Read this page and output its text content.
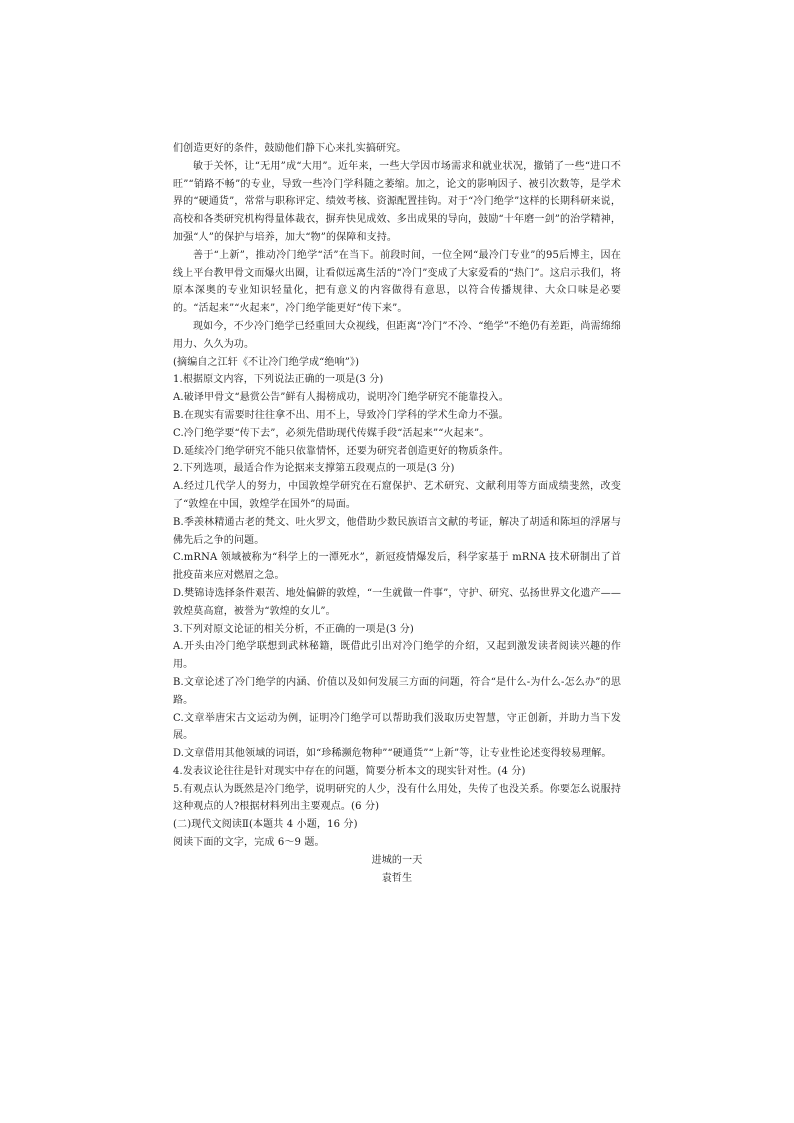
们创造更好的条件，鼓励他们静下心来扎实搞研究。

敏于关怀，让“无用”成“大用”。近年来，一些大学因市场需求和就业状况，撤销了一些“进口不旺”“销路不畅”的专业，导致一些冷门学科随之萎缩。加之，论文的影响因子、被引次数等，是学术界的“硬通货”，常常与职称评定、绩效考核、资源配置挂钩。对于“冷门绝学”这样的长期科研来说，高校和各类研究机构得量体裁衣，摒弃快见成效、多出成果的导向，鼓励“十年磨一剑”的治学精神，加强“人”的保护与培养，加大“物”的保障和支持。

善于“上新”，推动冷门绝学“活”在当下。前段时间，一位全网“最冷门专业”的95后博主，因在线上平台教甲骨文而爆火出圈，让看似远离生活的“冷门”变成了大家爱看的“热门”。这启示我们，将原本深奥的专业知识轻量化，把有意义的内容做得有意思，以符合传播规律、大众口味是必要的。“活起来”“火起来”，冷门绝学能更好“传下来”。

现如今，不少冷门绝学已经重回大众视线，但距离“冷门”不冷、“绝学”不绝仍有差距，尚需绵绵用力、久久为功。

(摘编自之江轩《不让冷门绝学成“绝响”》)

1.根据原文内容，下列说法正确的一项是(3 分)

A.破译甲骨文“悬赏公告”鲜有人揭榜成功，说明冷门绝学研究不能靠投入。

B.在现实有需要时往往拿不出、用不上，导致冷门学科的学术生命力不强。

C.冷门绝学要“传下去”，必须先借助现代传媒手段“活起来”“火起来”。

D.延续冷门绝学研究不能只依靠情怀，还要为研究者创造更好的物质条件。

2.下列选项，最适合作为论据来支撑第五段观点的一项是(3 分)

A.经过几代学人的努力，中国敦煌学研究在石窟保护、艺术研究、文献利用等方面成绩斐然，改变了“敦煌在中国，敦煌学在国外”的局面。

B.季羡林精通古老的梵文、吐火罗文，他借助少数民族语言文献的考证，解决了胡适和陈垣的浮屠与佛先后之争的问题。

C.mRNA 领域被称为“科学上的一潭死水”，新冠疫情爆发后，科学家基于 mRNA 技术研制出了首批疫苗来应对燃眉之急。

D.樊锦诗选择条件艰苦、地处偏僻的敦煌，“一生就做一件事”，守护、研究、弘扬世界文化遗产——敦煌莫高窟，被誉为“敦煌的女儿”。

3.下列对原文论证的相关分析，不正确的一项是(3 分)

A.开头由冷门绝学联想到武林秘籍，既借此引出对冷门绝学的介绍，又起到激发读者阅读兴趣的作用。

B.文章论述了冷门绝学的内涵、价值以及如何发展三方面的问题，符合“是什么-为什么-怎么办”的思路。

C.文章举唐宋古文运动为例，证明冷门绝学可以帮助我们汲取历史智慧，守正创新，并助力当下发展。

D.文章借用其他领域的词语，如“珍稀濒危物种”“硬通货”“上新”等，让专业性论述变得较易理解。

4.发表议论往往是针对现实中存在的问题，简要分析本文的现实针对性。(4 分)

5.有观点认为既然是冷门绝学，说明研究的人少，没有什么用处，失传了也没关系。你要怎么说服持这种观点的人?根据材料列出主要观点。(6 分)

(二)现代文阅读Ⅱ(本题共 4 小题，16 分)

阅读下面的文字，完成 6～9 题。

进城的一天

袁哲生
